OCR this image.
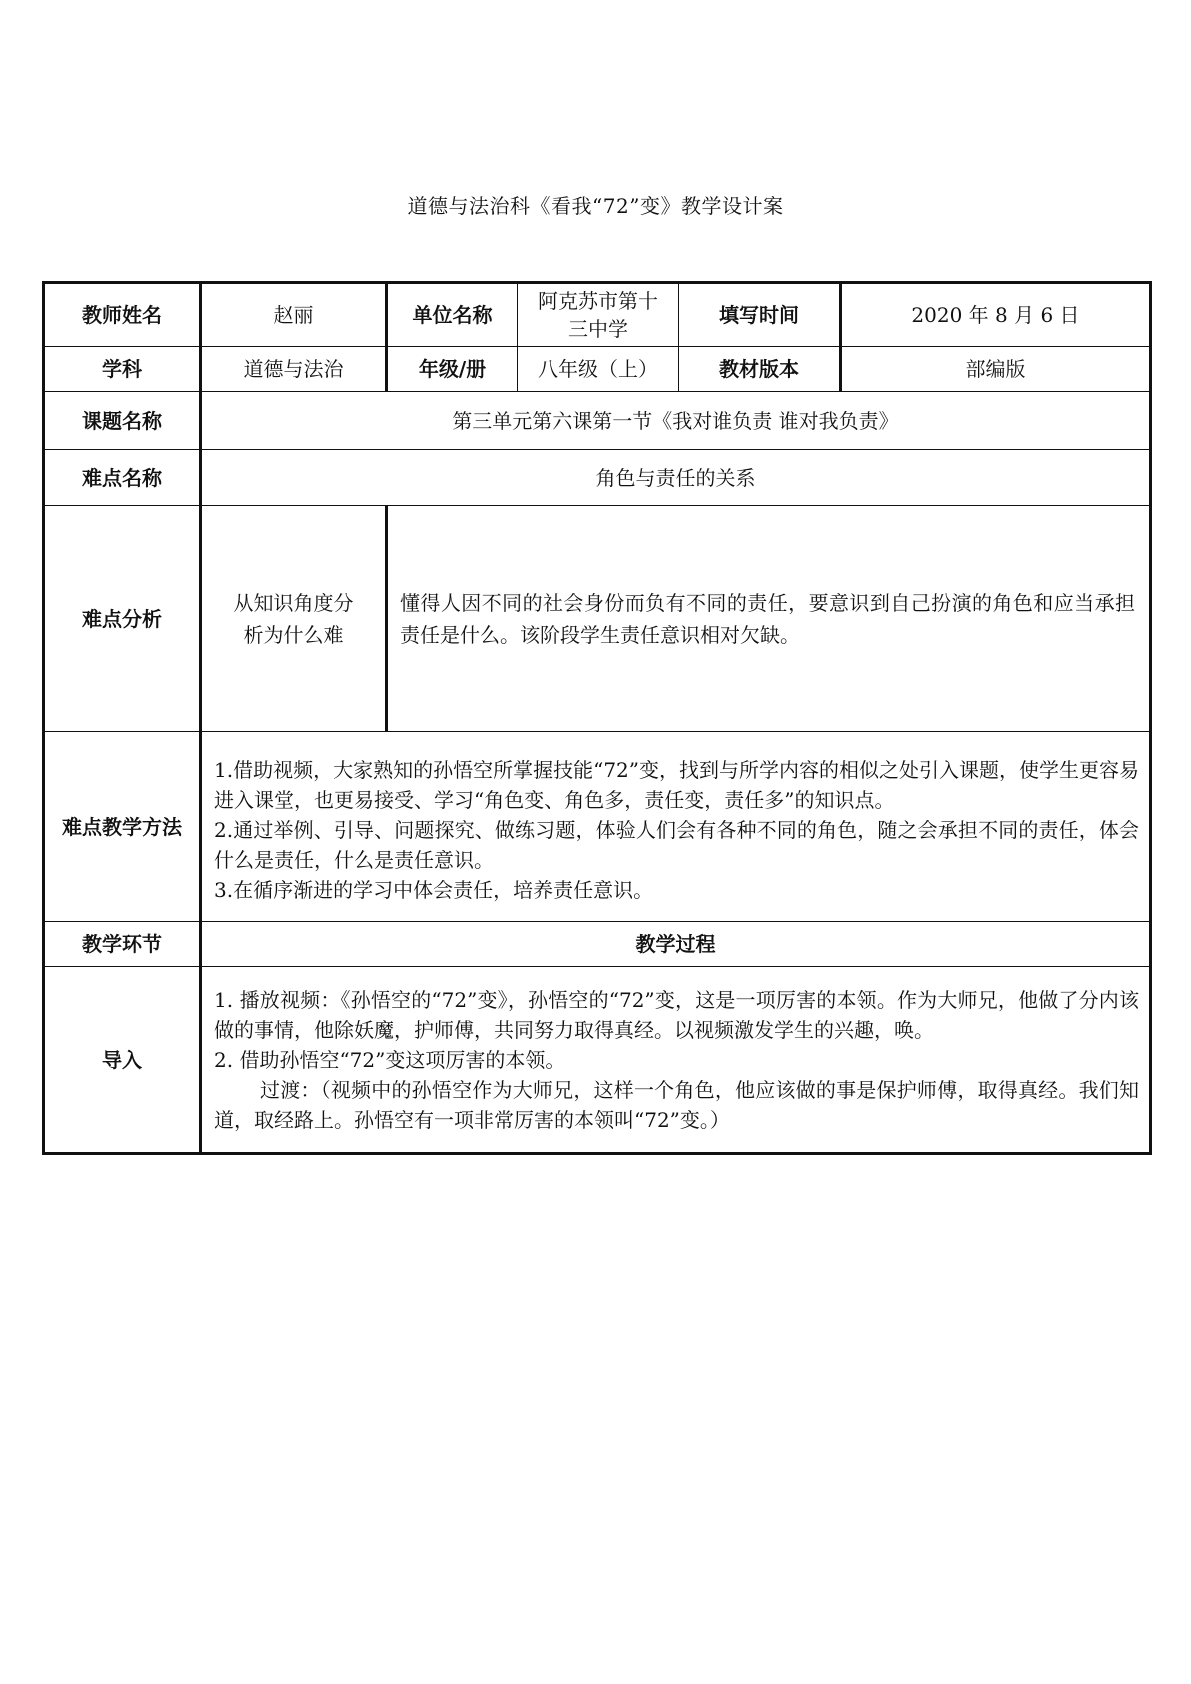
道德与法治科《看我“72”变》教学设计案
教师姓名	赵丽	单位名称	阿克苏市第十三中学	填写时间	2020 年 8 月 6 日
学科	道德与法治	年级/册	八年级（上）	教材版本	部编版
课题名称	第三单元第六课第一节《我对谁负责 谁对我负责》				
难点名称	角色与责任的关系				
难点分析	从知识角度分析为什么难	懂得人因不同的社会身份而负有不同的责任，要意识到自己扮演的角色和应当承担责任是什么。该阶段学生责任意识相对欠缺。			
难点教学方法	1.借助视频，大家熟知的孙悟空所掌握技能“72”变，找到与所学内容的相似之处引入课题，使学生更容易进入课堂，也更易接受、学习“角色变、角色多，责任变，责任多”的知识点。
2.通过举例、引导、问题探究、做练习题，体验人们会有各种不同的角色，随之会承担不同的责任，体会什么是责任，什么是责任意识。
3.在循序渐进的学习中体会责任，培养责任意识。				

教学环节	教学过程				
导入	1. 播放视频：《孙悟空的“72”变》，孙悟空的“72”变，这是一项厉害的本领。作为大师兄，他做了分内该做的事情，他除妖魔，护师傅，共同努力取得真经。以视频激发学生的兴趣，唤。
2. 借助孙悟空“72”变这项厉害的本领。
过渡：（视频中的孙悟空作为大师兄，这样一个角色，他应该做的事是保护师傅，取得真经。我们知道，取经路上。孙悟空有一项非常厉害的本领叫“72”变。）				
